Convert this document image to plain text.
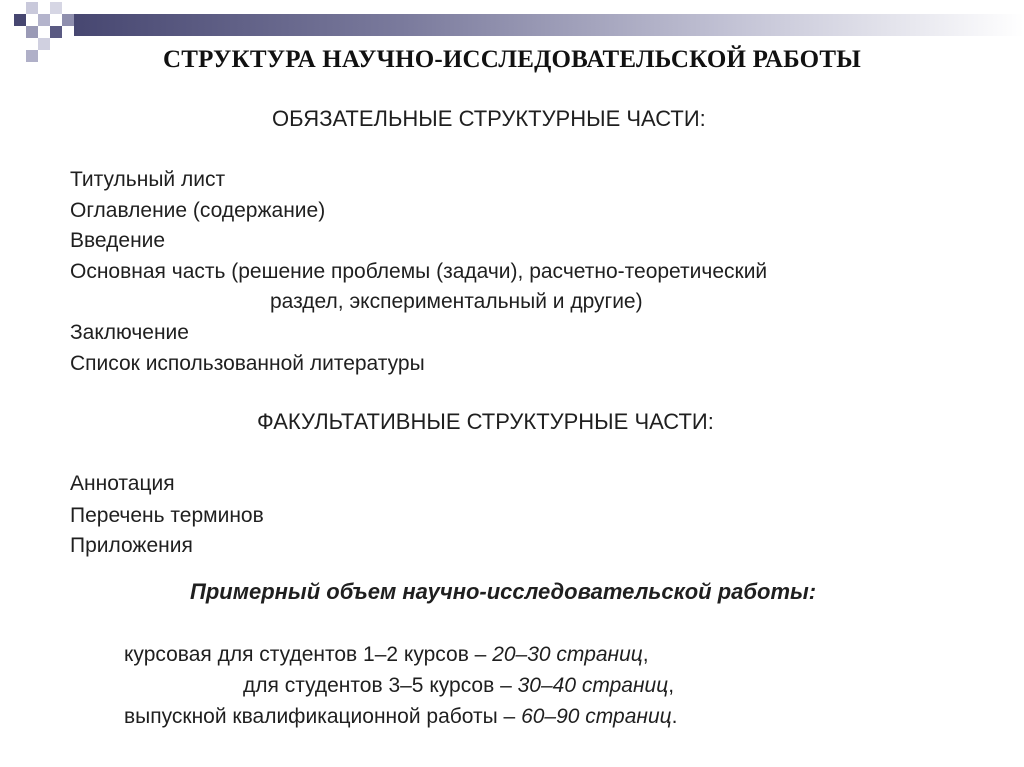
СТРУКТУРА НАУЧНО-ИССЛЕДОВАТЕЛЬСКОЙ РАБОТЫ
ОБЯЗАТЕЛЬНЫЕ СТРУКТУРНЫЕ ЧАСТИ:
Титульный лист
Оглавление (содержание)
Введение
Основная часть (решение проблемы (задачи), расчетно-теоретический
раздел, экспериментальный и другие)
Заключение
Список использованной литературы
ФАКУЛЬТАТИВНЫЕ СТРУКТУРНЫЕ ЧАСТИ:
Аннотация
Перечень терминов
Приложения
Примерный объем научно-исследовательской работы:
курсовая для студентов 1–2 курсов – 20–30 страниц,
для студентов 3–5 курсов – 30–40 страниц,
выпускной квалификационной работы – 60–90 страниц.
